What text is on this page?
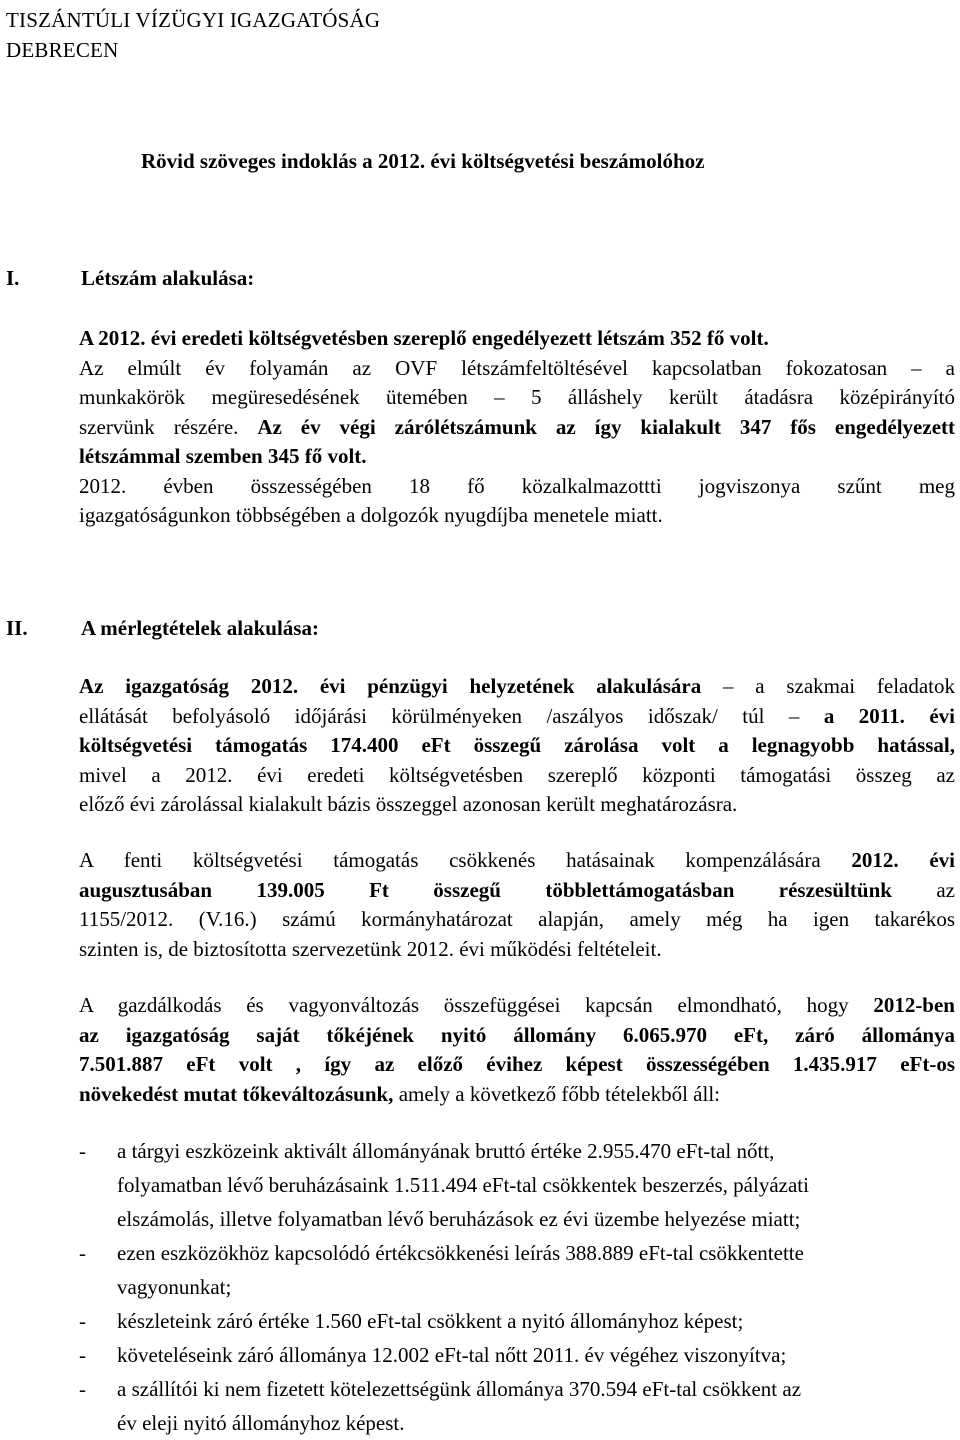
TISZÁNTÚLI VÍZÜGYI IGAZGATÓSÁG
DEBRECEN
Rövid szöveges indoklás a 2012. évi költségvetési beszámolóhoz
I.	Létszám alakulása:
A 2012. évi eredeti költségvetésben szereplő engedélyezett létszám 352 fő volt.
Az elmúlt év folyamán az OVF létszámfeltöltésével kapcsolatban fokozatosan – a
munkakörök megüresedésének ütemében – 5 álláshely került átadásra középirányító
szervünk részére. Az év végi zárólétszámunk az így kialakult 347 fős engedélyezett
létszámmal szemben 345 fő volt.
2012. évben összességében 18 fő közalkalmazottti jogviszonya szűnt meg
igazgatóságunkon többségében a dolgozók nyugdíjba menetele miatt.
II.	A mérlegtételek alakulása:
Az igazgatóság 2012. évi pénzügyi helyzetének alakulására – a szakmai feladatok
ellátását befolyásoló időjárási körülményeken /aszályos időszak/ túl – a 2011. évi
költségvetési támogatás 174.400 eFt összegű zárolása volt a legnagyobb hatással,
mivel a 2012. évi eredeti költségvetésben szereplő központi támogatási összeg az
előző évi zárolással kialakult bázis összeggel azonosan került meghatározásra.
A fenti költségvetési támogatás csökkenés hatásainak kompenzálására 2012. évi
augusztusában 139.005 Ft összegű többlettámogatásban részesültünk az
1155/2012. (V.16.) számú kormányhatározat alapján, amely még ha igen takarékos
szinten is, de biztosította szervezetünk 2012. évi működési feltételeit.
A gazdálkodás és vagyonváltozás összefüggései kapcsán elmondható, hogy 2012-ben
az igazgatóság saját tőkéjének nyitó állomány 6.065.970 eFt, záró állománya
7.501.887 eFt volt , így az előző évihez képest összességében 1.435.917 eFt-os
növekedést mutat tőkeváltozásunk, amely a következő főbb tételekből áll:
- a tárgyi eszközeink aktivált állományának bruttó értéke 2.955.470 eFt-tal nőtt,
folyamatban lévő beruházásaink 1.511.494 eFt-tal csökkentek beszerzés, pályázati
elszámolás, illetve folyamatban lévő beruházások ez évi üzembe helyezése miatt;
- ezen eszközökhöz kapcsolódó értékcsökkenési leírás 388.889 eFt-tal csökkentette
vagyonunkat;
- készleteink záró értéke 1.560 eFt-tal csökkent a nyitó állományhoz képest;
- követeléseink záró állománya 12.002 eFt-tal nőtt 2011. év végéhez viszonyítva;
- a szállítói ki nem fizetett kötelezettségünk állománya 370.594 eFt-tal csökkent az
év eleji nyitó állományhoz képest.
